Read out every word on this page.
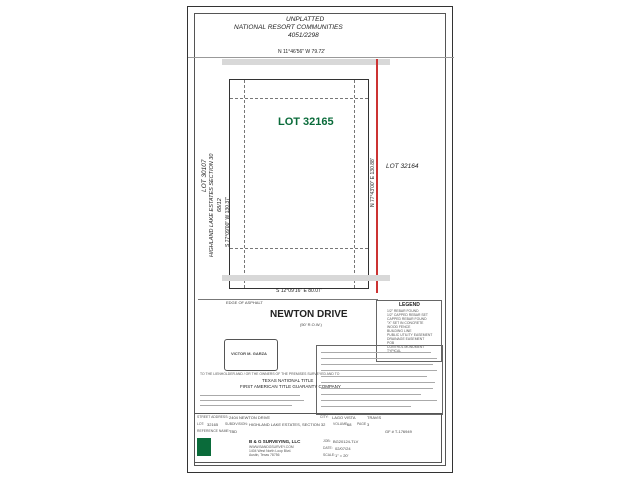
UNPLATTED
NATIONAL RESORT COMMUNITIES
4051/2298
N 11°46'56" W 79.72'
LOT 32165
LOT 30107 HIGHLAND LAKE ESTATES SECTION 30 68/12 S 77°09'00" W 130.37'
N 77°43'00" E 130.88' LOT 32164
S 12°09'16" E 80.07'
EDGE OF ASPHALT
NEWTON DRIVE
(50' R.O.W.)
LEGEND
1/2" REBAR FOUND
1/2" CAPPED REBAR SET
CAPPED REBAR FOUND
"X" SET IN CONCRETE
WOOD FENCE
BUILDING LINE
PUBLIC UTILITY EASEMENT
DRAINAGE EASEMENT
POB
CONTROL MONUMENT
TYPICAL
VICTOR M. GARZA
TO THE LIENHOLDER AND / OR THE OWNERS OF THE PREMISES SURVEYED AND TO
TEXAS NATIONAL TITLE
FIRST AMERICAN TITLE GUARANTY COMPANY
STREET ADDRESS: 2404 NEWTON DRIVE	CITY: LAGO VISTA	TRAVIS
LOT: 32165 SUBDIVISION: HIGHLAND LAKE ESTATES, SECTION 32 VOLUME:
68 PAGE 3
REFERENCE NAME: TBD	GF # T-176949
B & G SURVEYING, LLC
WWW.BANDGSURVEY.COM
1404 West North Loop Blvd.
Austin, Texas 78756
JOB: BG20124-TLV
DATE: 02/07/24
SCALE: 1" = 20'
